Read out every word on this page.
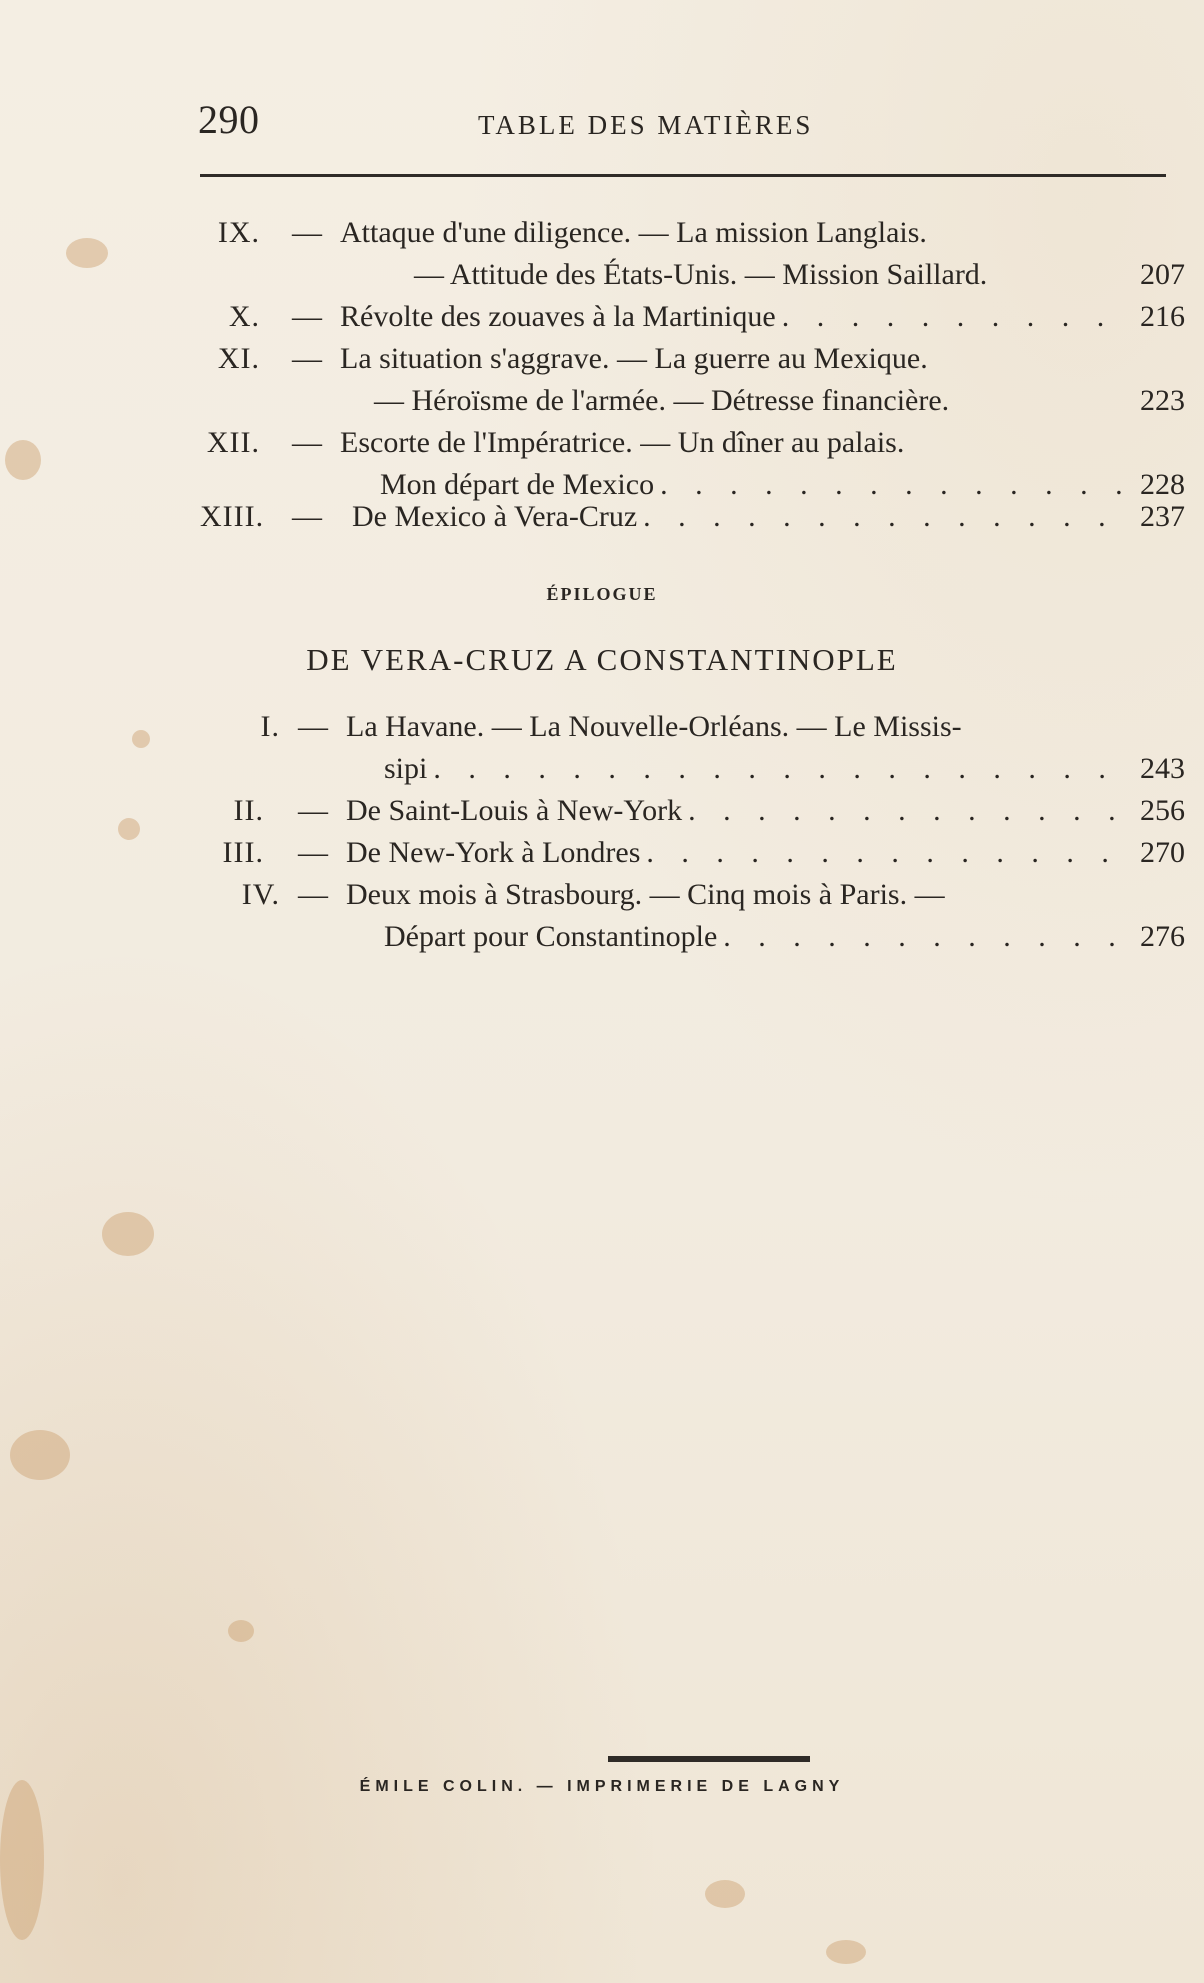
290	TABLE DES MATIÈRES
IX. — Attaque d'une diligence. — La mission Langlais.
— Attitude des États-Unis. — Mission Saillard.	207
X. — Révolte des zouaves à la Martinique . . .	216
XI. — La situation s'aggrave. — La guerre au Mexique.
— Héroïsme de l'armée. — Détresse financière.	223
XII. — Escorte de l'Impératrice. — Un dîner au palais.
Mon départ de Mexico . . .	228
XIII. — De Mexico à Vera-Cruz . . .	237
ÉPILOGUE
DE VERA-CRUZ A CONSTANTINOPLE
I. — La Havane. — La Nouvelle-Orléans. — Le Missis-
sipi . . .	243
II. — De Saint-Louis à New-York . . .	256
III. — De New-York à Londres . . .	270
IV. — Deux mois à Strasbourg. — Cinq mois à Paris. —
Départ pour Constantinople . . .	276
ÉMILE COLIN. — IMPRIMERIE DE LAGNY
